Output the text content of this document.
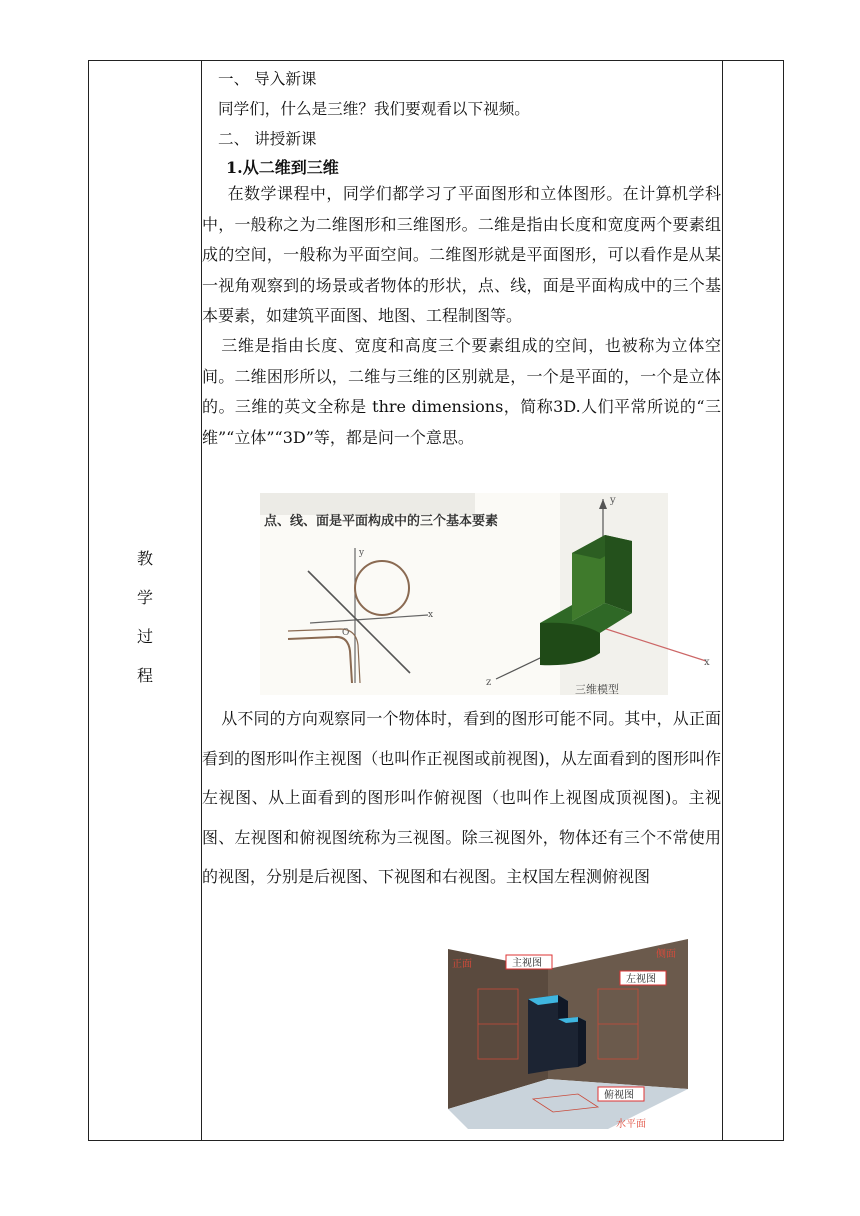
教
学
过
程
一、 导入新课
同学们，什么是三维？我们要观看以下视频。
二、 讲授新课
1.从二维到三维
在数学课程中，同学们都学习了平面图形和立体图形。在计算机学科中，一般称之为二维图形和三维图形。二维是指由长度和宽度两个要素组成的空间，一般称为平面空间。二维图形就是平面图形，可以看作是从某一视角观察到的场景或者物体的形状，点、线，面是平面构成中的三个基本要素，如建筑平面图、地图、工程制图等。
三维是指由长度、宽度和高度三个要素组成的空间，也被称为立体空间。二维困形所以，二维与三维的区别就是，一个是平面的，一个是立体的。三维的英文全称是 thre dimensions，简称3D.人们平常所说的“三维”“立体”“3D”等，都是问一个意思。
点、线、面是平面构成中的三个基本要素
y
x
O
y
x
z
三维模型
从不同的方向观察同一个物体时，看到的图形可能不同。其中，从正面看到的图形叫作主视图（也叫作正视图或前视图)，从左面看到的图形叫作左视图、从上面看到的图形叫作俯视图（也叫作上视图成顶视图)。主视图、左视图和俯视图统称为三视图。除三视图外，物体还有三个不常使用的视图，分别是后视图、下视图和右视图。主权国左程测俯视图
正面
侧面
水平面
主视图
左视图
俯视图
